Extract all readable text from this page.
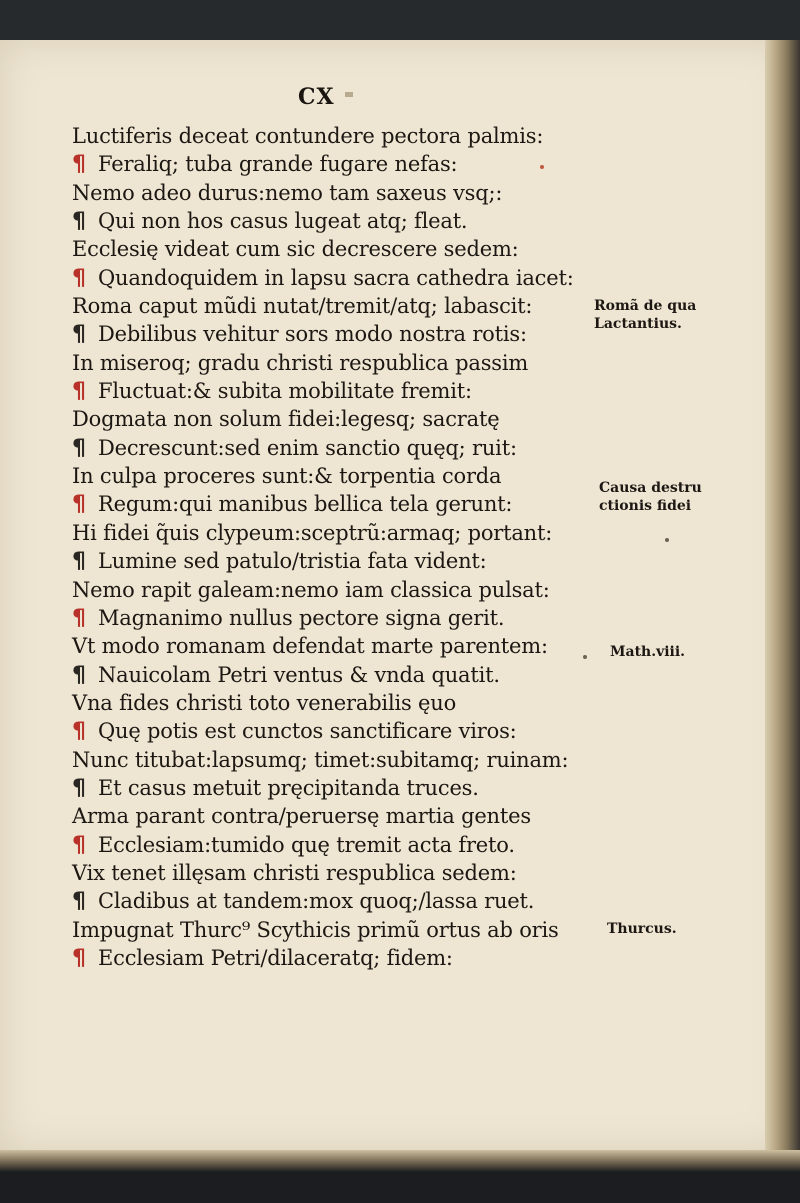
CX
Luctiferis deceat contundere pectora palmis:
¶ Feraliq; tuba grande fugare nefas:
Nemo adeo durus:nemo tam saxeus vsq;:
¶ Qui non hos casus lugeat atq; fleat.
Ecclesię videat cum sic decrescere sedem:
¶ Quandoquidem in lapsu sacra cathedra iacet:
Roma caput mũdi nutat/tremit/atq; labascit:
¶ Debilibus vehitur sors modo nostra rotis:
In miseroq; gradu christi respublica passim
¶ Fluctuat:& subita mobilitate fremit:
Dogmata non solum fidei:legesq; sacratę
¶ Decrescunt:sed enim sanctio quęq; ruit:
In culpa proceres sunt:& torpentia corda
¶ Regum:qui manibus bellica tela gerunt:
Hi fidei q̃uis clypeum:sceptrũ:armaq; portant:
¶ Lumine sed patulo/tristia fata vident:
Nemo rapit galeam:nemo iam classica pulsat:
¶ Magnanimo nullus pectore signa gerit.
Vt modo romanam defendat marte parentem:
¶ Nauicolam Petri ventus & vnda quatit.
Vna fides christi toto venerabilis ęuo
¶ Quę potis est cunctos sanctificare viros:
Nunc titubat:lapsumq; timet:subitamq; ruinam:
¶ Et casus metuit pręcipitanda truces.
Arma parant contra/peruersę martia gentes
¶ Ecclesiam:tumido quę tremit acta freto.
Vix tenet illęsam christi respublica sedem:
¶ Cladibus at tandem:mox quoq;/lassa ruet.
Impugnat Thurc⁹ Scythicis primũ ortus ab oris
¶ Ecclesiam Petri/dilaceratq; fidem:
Romã de qua
Lactantius.
Causa destru
ctionis fidei
Math.viii.
Thurcus.
